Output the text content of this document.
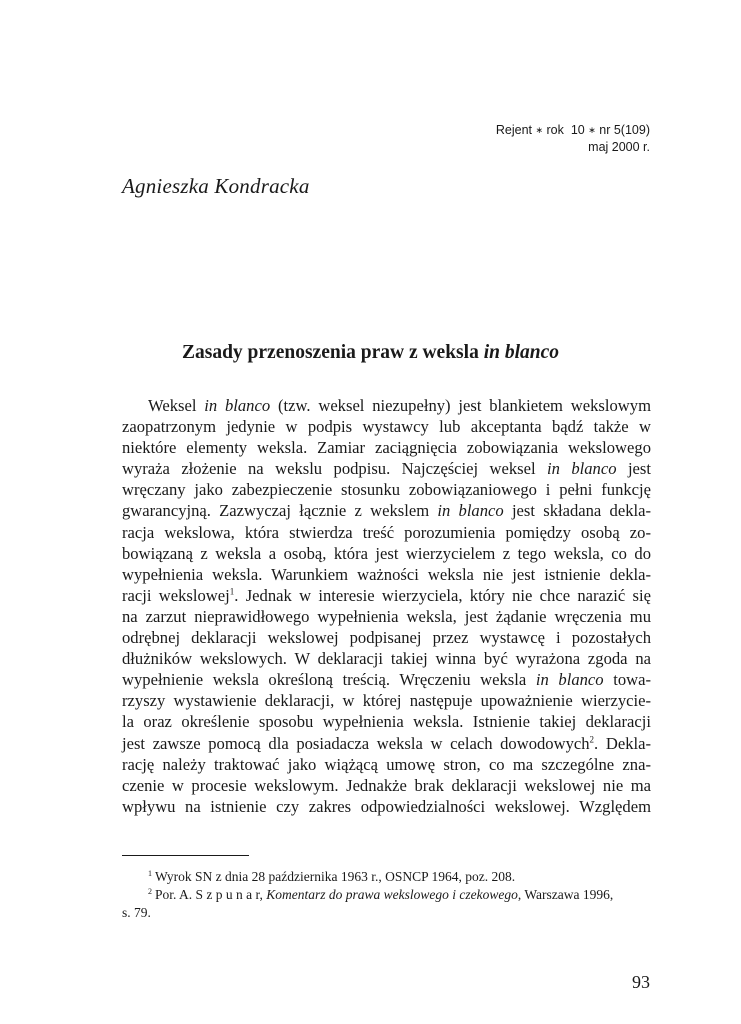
Rejent ∗ rok 10 ∗ nr 5(109)
maj 2000 r.
Agnieszka Kondracka
Zasady przenoszenia praw z weksla in blanco
Weksel in blanco (tzw. weksel niezupełny) jest blankietem wekslowym
zaopatrzonym jedynie w podpis wystawcy lub akceptanta bądź także w
niektóre elementy weksla. Zamiar zaciągnięcia zobowiązania wekslowego
wyraża złożenie na wekslu podpisu. Najczęściej weksel in blanco jest
wręczany jako zabezpieczenie stosunku zobowiązaniowego i pełni funkcję
gwarancyjną. Zazwyczaj łącznie z wekslem in blanco jest składana dekla-
racja wekslowa, która stwierdza treść porozumienia pomiędzy osobą zo-
bowiązaną z weksla a osobą, która jest wierzycielem z tego weksla, co do
wypełnienia weksla. Warunkiem ważności weksla nie jest istnienie dekla-
racji wekslowej$^1$. Jednak w interesie wierzyciela, który nie chce narazić się
na zarzut nieprawidłowego wypełnienia weksla, jest żądanie wręczenia mu
odrębnej deklaracji wekslowej podpisanej przez wystawcę i pozostałych
dłużników wekslowych. W deklaracji takiej winna być wyrażona zgoda na
wypełnienie weksla określoną treścią. Wręczeniu weksla in blanco towa-
rzyszy wystawienie deklaracji, w której następuje upoważnienie wierzycie-
la oraz określenie sposobu wypełnienia weksla. Istnienie takiej deklaracji
jest zawsze pomocą dla posiadacza weksla w celach dowodowych$^2$. Dekla-
rację należy traktować jako wiążącą umowę stron, co ma szczególne zna-
czenie w procesie wekslowym. Jednakże brak deklaracji wekslowej nie ma
wpływu na istnienie czy zakres odpowiedzialności wekslowej. Względem
$^1$ Wyrok SN z dnia 28 października 1963 r., OSNCP 1964, poz. 208.
$^2$ Por. A. S z p u n a r, Komentarz do prawa wekslowego i czekowego, Warszawa 1996,
s. 79.
93
